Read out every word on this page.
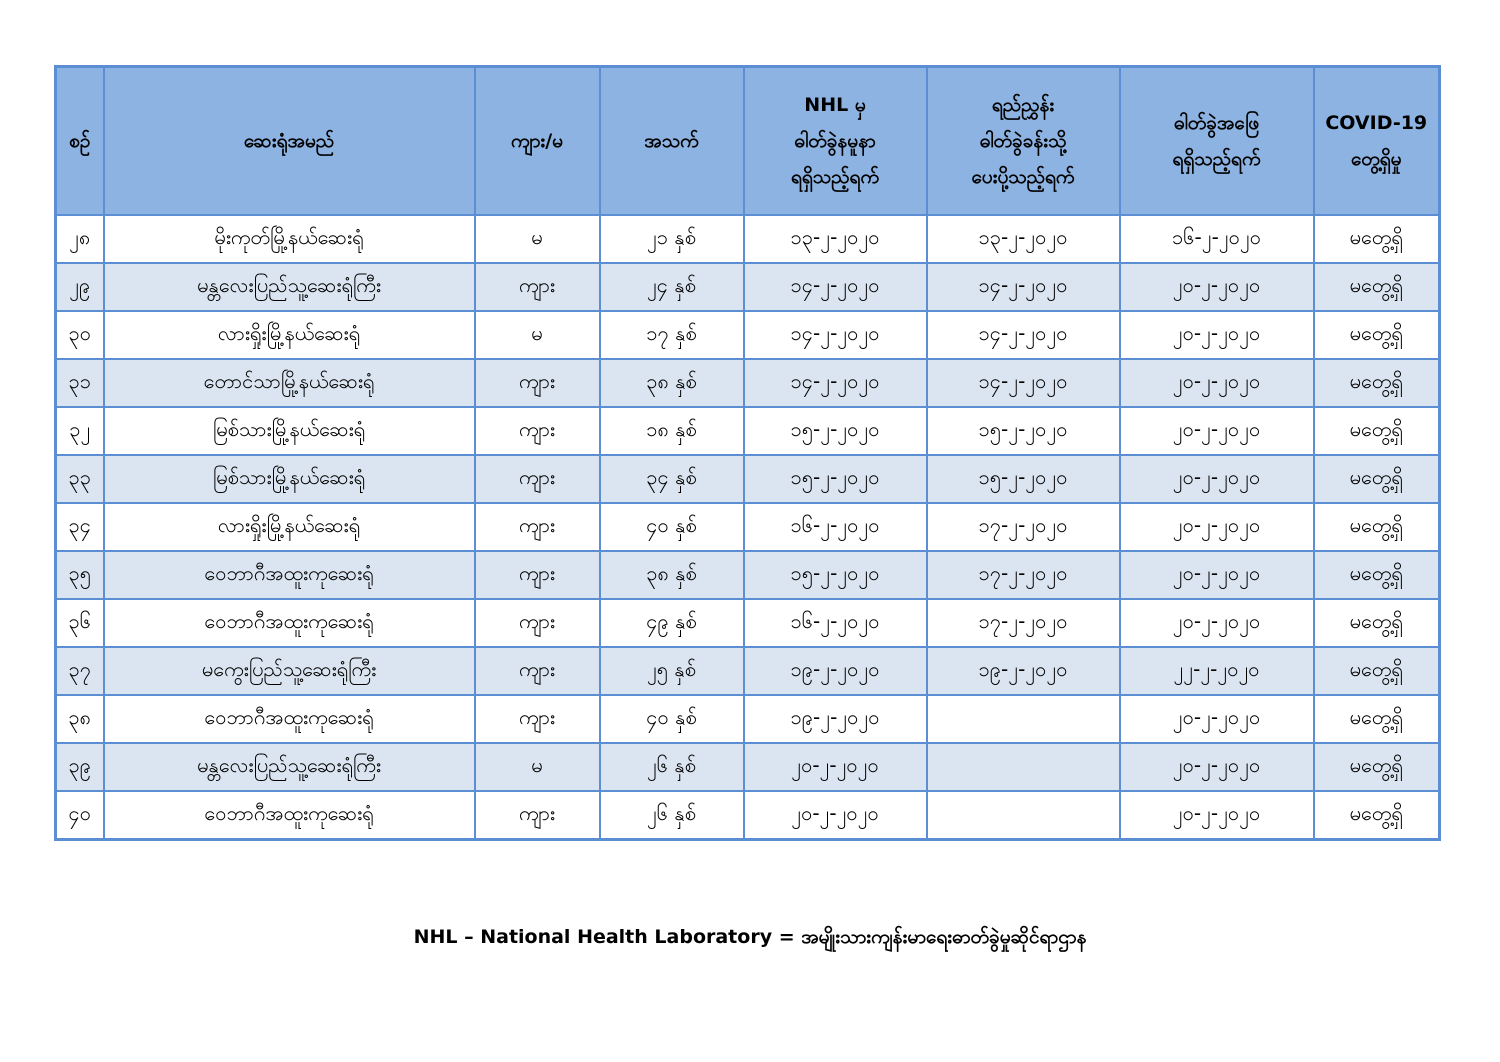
စဉ်	ဆေးရုံအမည်	ကျား/မ	အသက်	NHL မှ
ဓါတ်ခွဲနမူနာ
ရရှိသည့်ရက်	ရည်ညွှန်း
ဓါတ်ခွဲခန်းသို့
ပေးပို့သည့်ရက်	ဓါတ်ခွဲအဖြေ
ရရှိသည့်ရက်	COVID-19
တွေ့ရှိမှု

၂၈	မိုးကုတ်မြို့နယ်ဆေးရုံ	မ	၂၁ နှစ်	၁၃-၂-၂၀၂၀	၁၃-၂-၂၀၂၀	၁၆-၂-၂၀၂၀	မတွေ့ရှိ
၂၉	မန္တလေးပြည်သူ့ဆေးရုံကြီး	ကျား	၂၄ နှစ်	၁၄-၂-၂၀၂၀	၁၄-၂-၂၀၂၀	၂၀-၂-၂၀၂၀	မတွေ့ရှိ
၃၀	လားရှိုးမြို့နယ်ဆေးရုံ	မ	၁၇ နှစ်	၁၄-၂-၂၀၂၀	၁၄-၂-၂၀၂၀	၂၀-၂-၂၀၂၀	မတွေ့ရှိ
၃၁	တောင်သာမြို့နယ်ဆေးရုံ	ကျား	၃၈ နှစ်	၁၄-၂-၂၀၂၀	၁၄-၂-၂၀၂၀	၂၀-၂-၂၀၂၀	မတွေ့ရှိ
၃၂	မြစ်သားမြို့နယ်ဆေးရုံ	ကျား	၁၈ နှစ်	၁၅-၂-၂၀၂၀	၁၅-၂-၂၀၂၀	၂၀-၂-၂၀၂၀	မတွေ့ရှိ
၃၃	မြစ်သားမြို့နယ်ဆေးရုံ	ကျား	၃၄ နှစ်	၁၅-၂-၂၀၂၀	၁၅-၂-၂၀၂၀	၂၀-၂-၂၀၂၀	မတွေ့ရှိ
၃၄	လားရှိုးမြို့နယ်ဆေးရုံ	ကျား	၄၀ နှစ်	၁၆-၂-၂၀၂၀	၁၇-၂-၂၀၂၀	၂၀-၂-၂၀၂၀	မတွေ့ရှိ
၃၅	ဝေဘာဂီအထူးကုဆေးရုံ	ကျား	၃၈ နှစ်	၁၅-၂-၂၀၂၀	၁၇-၂-၂၀၂၀	၂၀-၂-၂၀၂၀	မတွေ့ရှိ
၃၆	ဝေဘာဂီအထူးကုဆေးရုံ	ကျား	၄၉ နှစ်	၁၆-၂-၂၀၂၀	၁၇-၂-၂၀၂၀	၂၀-၂-၂၀၂၀	မတွေ့ရှိ
၃၇	မကွေးပြည်သူ့ဆေးရုံကြီး	ကျား	၂၅ နှစ်	၁၉-၂-၂၀၂၀	၁၉-၂-၂၀၂၀	၂၂-၂-၂၀၂၀	မတွေ့ရှိ
၃၈	ဝေဘာဂီအထူးကုဆေးရုံ	ကျား	၄၀ နှစ်	၁၉-၂-၂၀၂၀		၂၀-၂-၂၀၂၀	မတွေ့ရှိ
၃၉	မန္တလေးပြည်သူ့ဆေးရုံကြီး	မ	၂၆ နှစ်	၂၀-၂-၂၀၂၀		၂၀-၂-၂၀၂၀	မတွေ့ရှိ
၄၀	ဝေဘာဂီအထူးကုဆေးရုံ	ကျား	၂၆ နှစ်	၂၀-၂-၂၀၂၀		၂၀-၂-၂၀၂၀	မတွေ့ရှိ
NHL – National Health Laboratory = အမျိုးသားကျန်းမာရေးဓာတ်ခွဲမှုဆိုင်ရာဌာန
